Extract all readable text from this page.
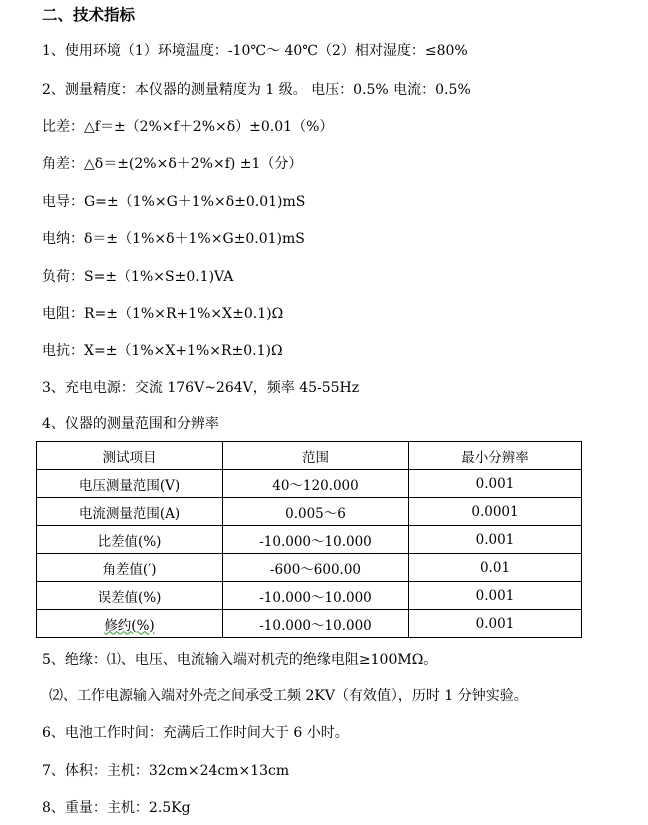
二、技术指标
1、使用环境（1）环境温度：-10℃～ 40℃（2）相对湿度：≤80%
2、测量精度：本仪器的测量精度为 1 级。 电压：0.5% 电流：0.5%
比差：△f＝±（2%×f＋2%×δ）±0.01（%）
角差：△δ＝±(2%×δ＋2%×f) ±1（分）
电导：G=±（1%×G＋1%×δ±0.01)mS
电纳：δ＝±（1%×δ＋1%×G±0.01)mS
负荷：S=±（1%×S±0.1)VA
电阻：R=±（1%×R+1%×X±0.1)Ω
电抗：X=±（1%×X+1%×R±0.1)Ω
3、充电电源：交流 176V~264V，频率 45-55Hz
4、仪器的测量范围和分辨率
测试项目	范围	最小分辨率
电压测量范围(V)	40～120.000	0.001
电流测量范围(A)	0.005～6	0.0001
比差值(%)	-10.000～10.000	0.001
角差值(′)	-600～600.00	0.01
误差值(%)	-10.000～10.000	0.001
修约(%)	-10.000～10.000	0.001
5、绝缘：⑴、电压、电流输入端对机壳的绝缘电阻≥100MΩ。
⑵、工作电源输入端对外壳之间承受工频 2KV（有效值），历时 1 分钟实验。
6、电池工作时间：充满后工作时间大于 6 小时。
7、体积：主机：32cm×24cm×13cm
8、重量：主机：2.5Kg
